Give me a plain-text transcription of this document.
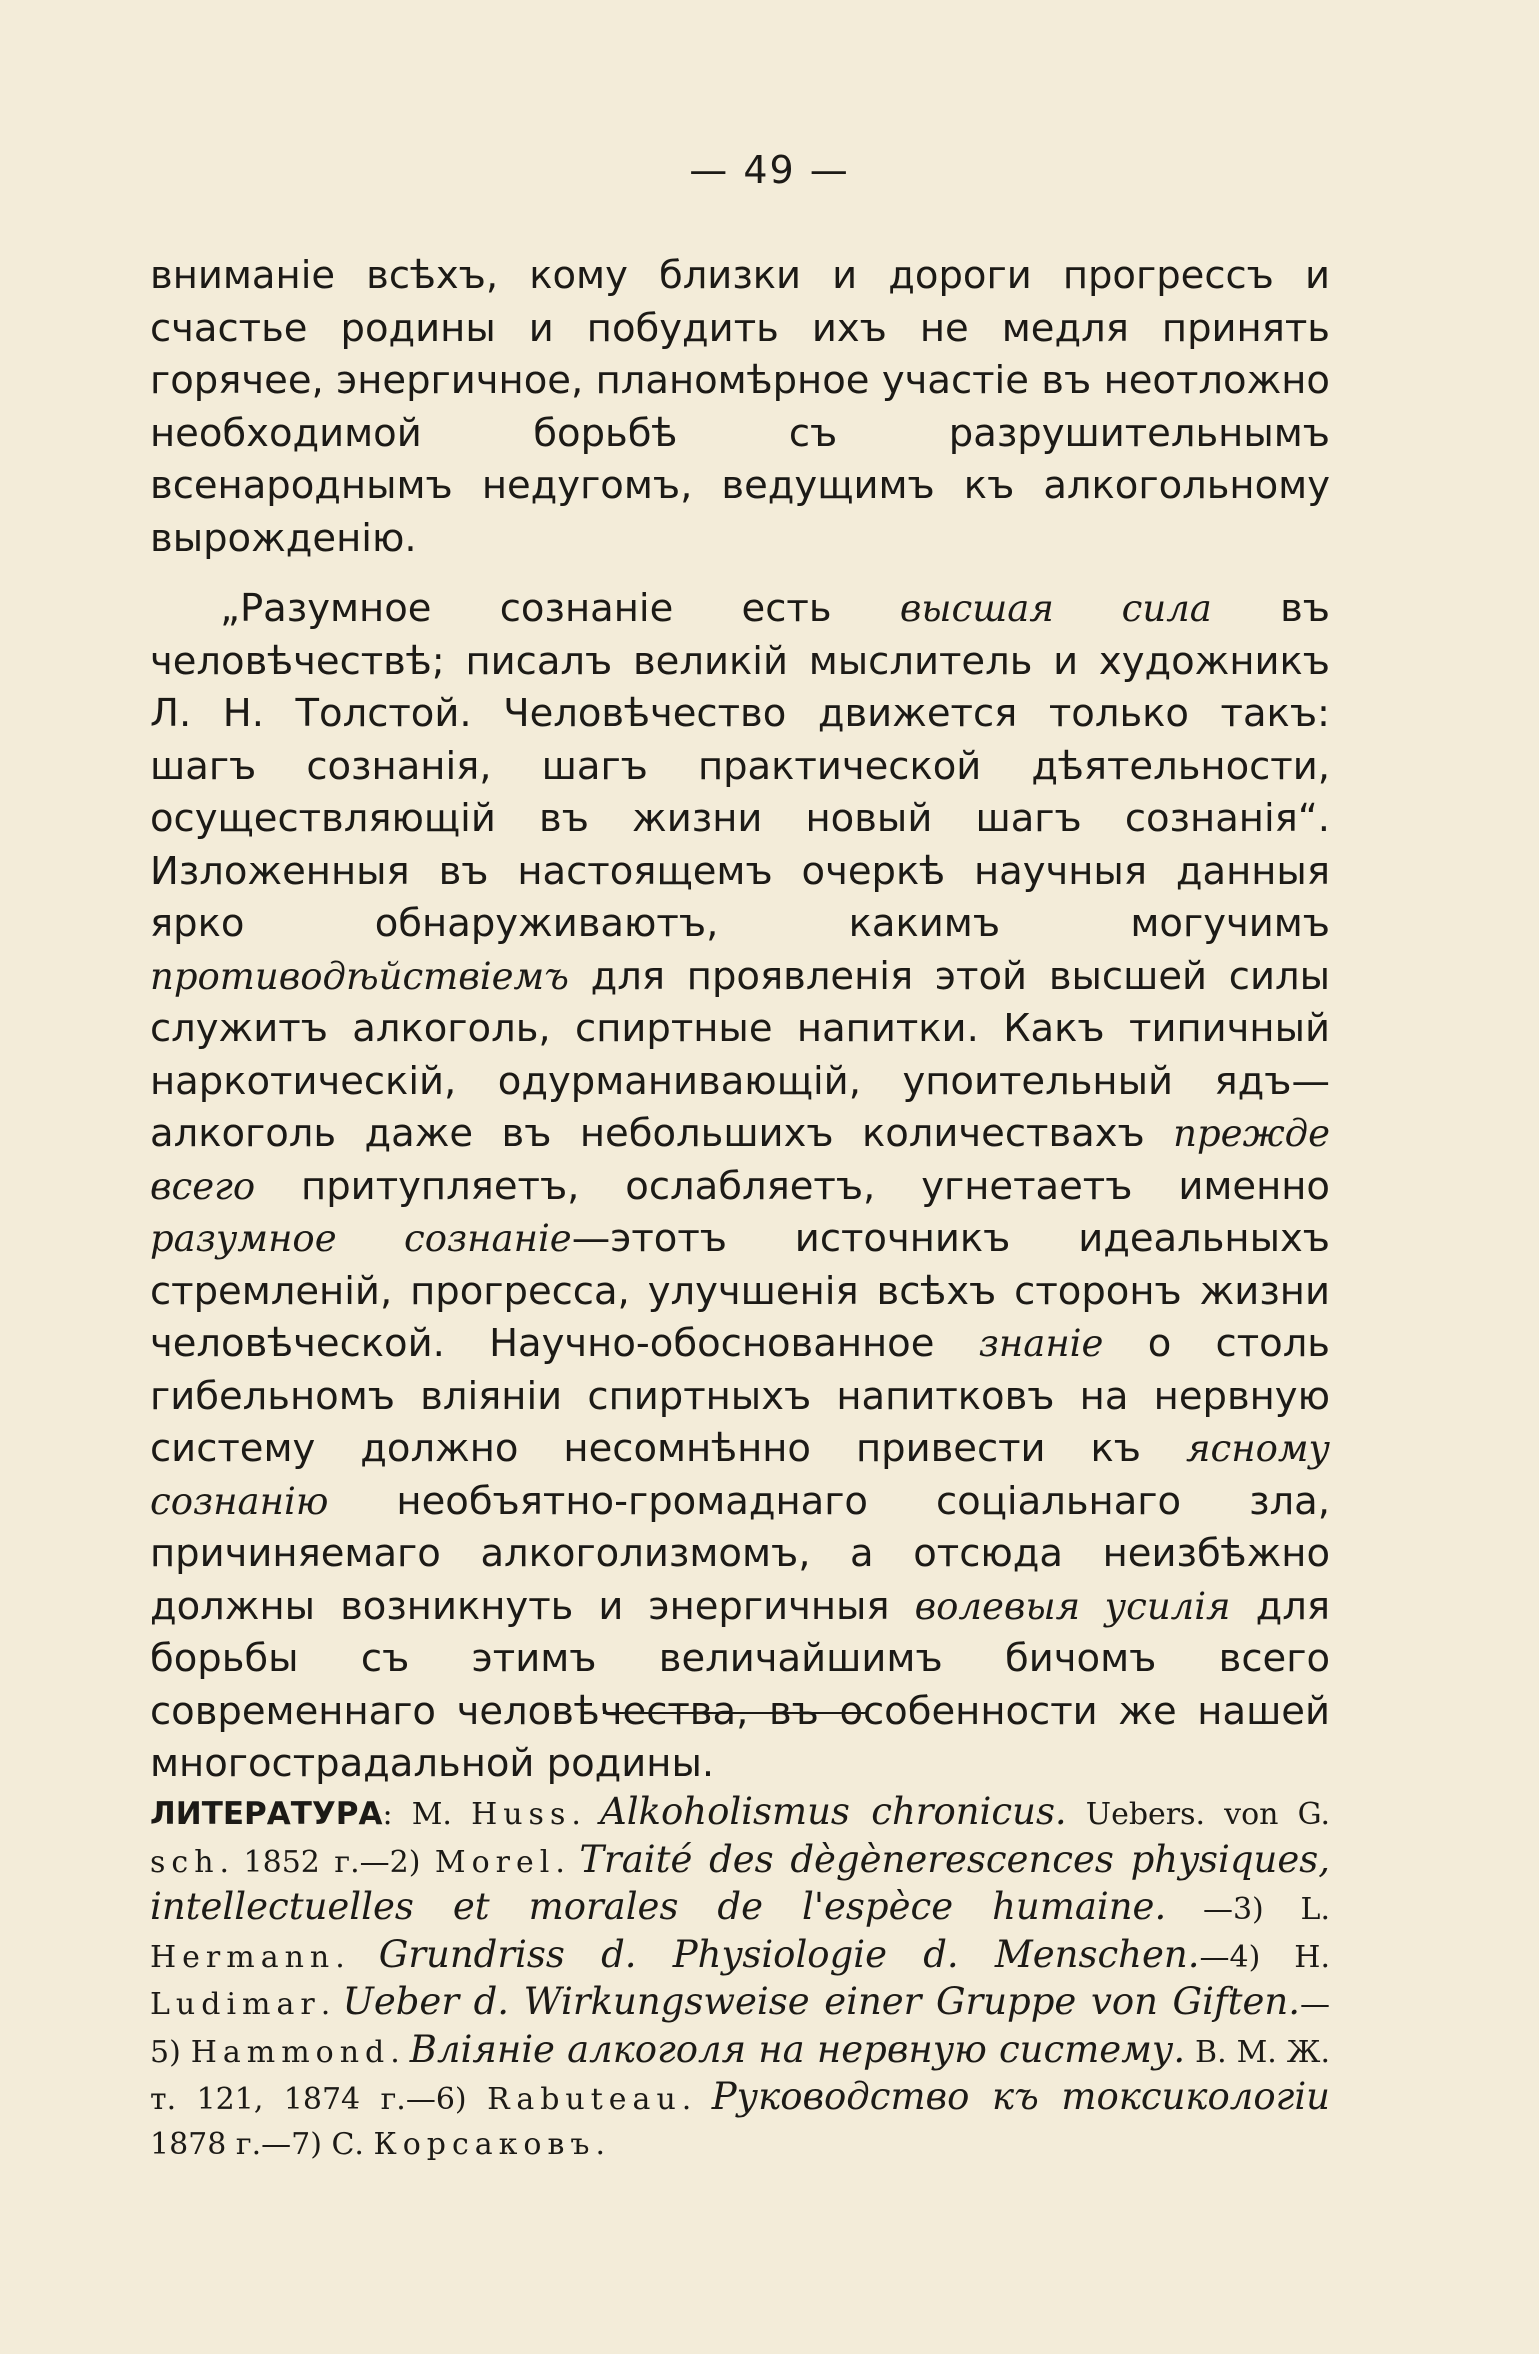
— 49 —

вниманіе всѣхъ, кому близки и дороги прогрессъ и счастье родины и побудить ихъ не медля принять горячее, энергичное, планомѣрное участіе въ неотложно необходимой борьбѣ съ разрушительнымъ всенароднымъ недугомъ, ведущимъ къ алкогольному вырожденію.

„Разумное сознаніе есть высшая сила въ человѣчествѣ; писалъ великій мыслитель и художникъ Л. Н. Толстой. Человѣчество движется только такъ: шагъ сознанія, шагъ практической дѣятельности, осуществляющій въ жизни новый шагъ сознанія“. Изложенныя въ настоящемъ очеркѣ научныя данныя ярко обнаруживаютъ, какимъ могучимъ противодѣйствіемъ для проявленія этой высшей силы служитъ алкоголь, спиртные напитки. Какъ типичный наркотическій, одурманивающій, упоительный ядъ—алкоголь даже въ небольшихъ количествахъ прежде всего притупляетъ, ослабляетъ, угнетаетъ именно разумное сознаніе—этотъ источникъ идеальныхъ стремленій, прогресса, улучшенія всѣхъ сторонъ жизни человѣческой. Научно-обоснованное знаніе о столь гибельномъ вліяніи спиртныхъ напитковъ на нервную систему должно несомнѣнно привести къ ясному сознанію необъятно-громаднаго соціальнаго зла, причиняемаго алкоголизмомъ, а отсюда неизбѣжно должны возникнуть и энергичныя волевыя усилія для борьбы съ этимъ величайшимъ бичомъ всего современнаго человѣчества, въ особенности же нашей многострадальной родины.

ЛИТЕРАТУРА: М. Huss. Alkoholismus chronicus. Uebers. von G. sch. 1852 г.—2) Morel. Traité des dègènerescences physiques, intellectuelles et morales de l'espèce humaine. —3) L. Hermann. Grundriss d. Physiologie d. Menschen.—4) H. Ludimar. Ueber d. Wirkungsweise einer Gruppe von Giften.—5) Hammond. Вліяніе алкоголя на нервную систему. В. М. Ж. т. 121, 1874 г.—6) Rabuteau. Руководство къ токсикологіи 1878 г.—7) С. Корсаковъ.
